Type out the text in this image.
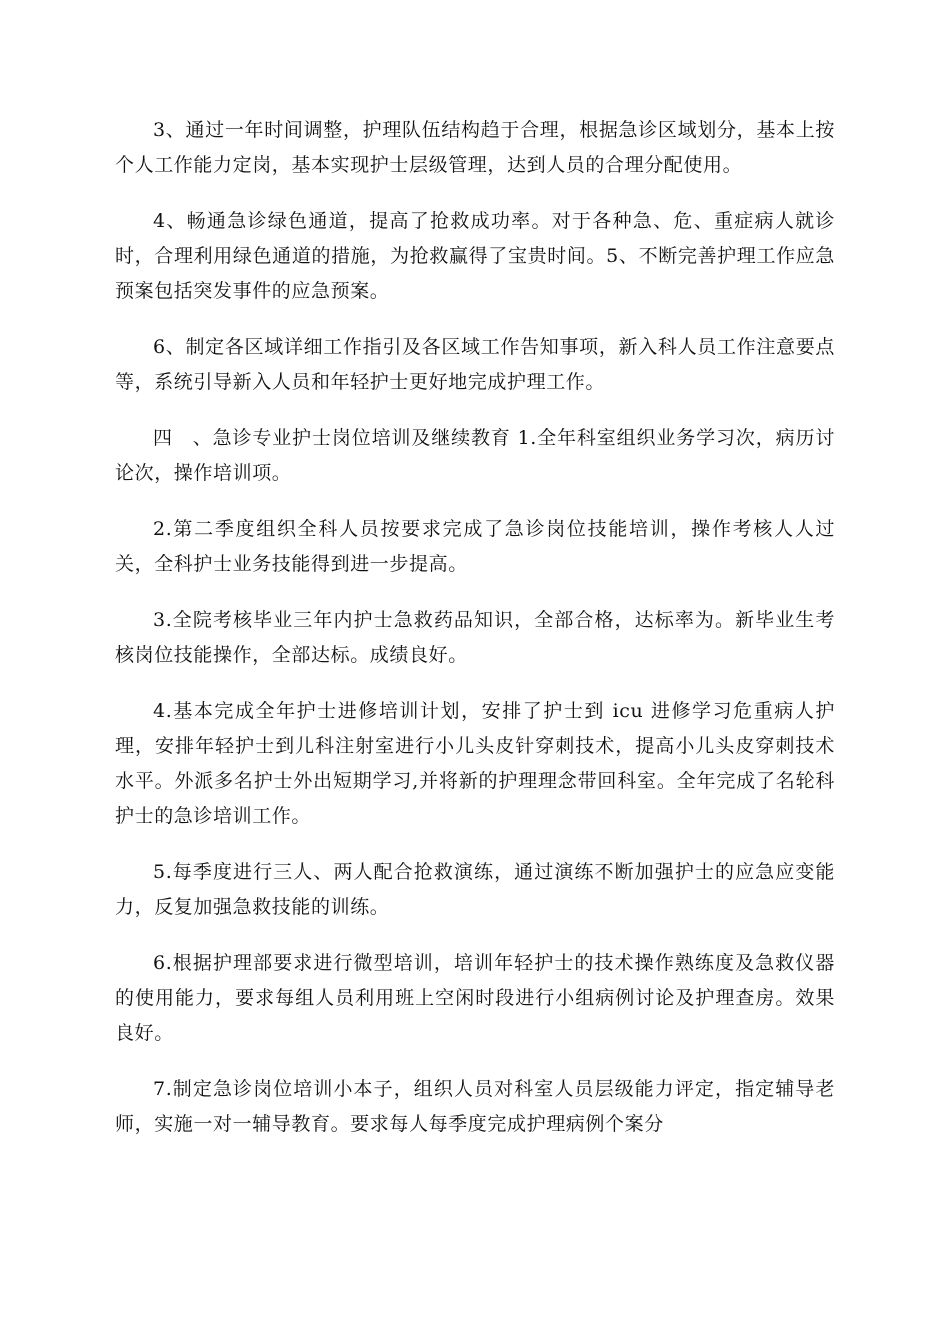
3、通过一年时间调整，护理队伍结构趋于合理，根据急诊区域划分，基本上按个人工作能力定岗，基本实现护士层级管理，达到人员的合理分配使用。

4、畅通急诊绿色通道，提高了抢救成功率。对于各种急、危、重症病人就诊时，合理利用绿色通道的措施，为抢救赢得了宝贵时间。5、不断完善护理工作应急预案包括突发事件的应急预案。

6、制定各区域详细工作指引及各区域工作告知事项，新入科人员工作注意要点等，系统引导新入人员和年轻护士更好地完成护理工作。

四　、急诊专业护士岗位培训及继续教育 1.全年科室组织业务学习次，病历讨论次，操作培训项。

2.第二季度组织全科人员按要求完成了急诊岗位技能培训，操作考核人人过关，全科护士业务技能得到进一步提高。

3.全院考核毕业三年内护士急救药品知识，全部合格，达标率为。新毕业生考核岗位技能操作，全部达标。成绩良好。

4.基本完成全年护士进修培训计划，安排了护士到 icu 进修学习危重病人护理，安排年轻护士到儿科注射室进行小儿头皮针穿刺技术，提高小儿头皮穿刺技术水平。外派多名护士外出短期学习,并将新的护理理念带回科室。全年完成了名轮科护士的急诊培训工作。

5.每季度进行三人、两人配合抢救演练，通过演练不断加强护士的应急应变能力，反复加强急救技能的训练。

6.根据护理部要求进行微型培训，培训年轻护士的技术操作熟练度及急救仪器的使用能力，要求每组人员利用班上空闲时段进行小组病例讨论及护理查房。效果良好。

7.制定急诊岗位培训小本子，组织人员对科室人员层级能力评定，指定辅导老师，实施一对一辅导教育。要求每人每季度完成护理病例个案分
